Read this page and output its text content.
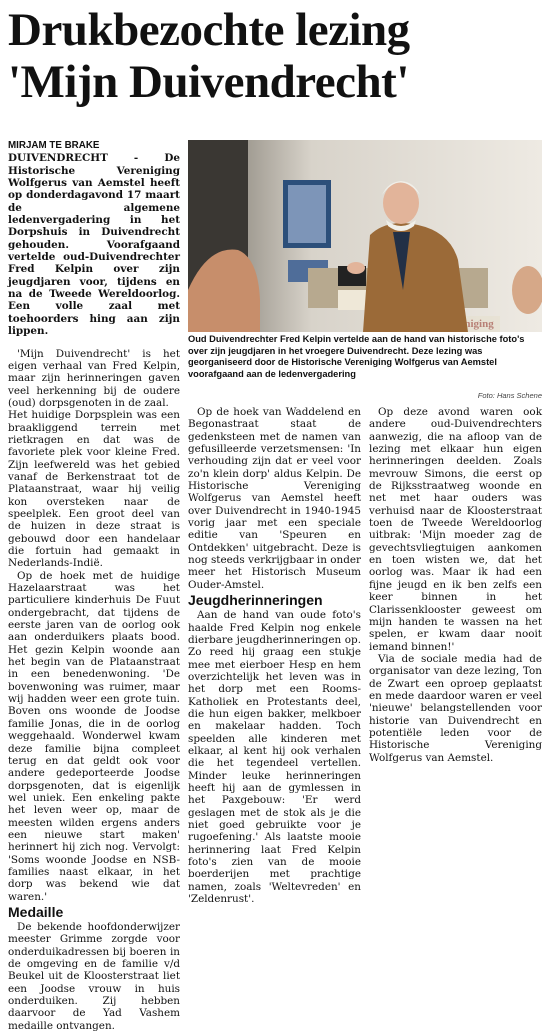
Drukbezochte lezing
'Mijn Duivendrecht'
MIRJAM TE BRAKE

DUIVENDRECHT - De Historische Vereniging Wolfgerus van Aemstel heeft op donderdagavond 17 maart de algemene ledenvergadering in het Dorpshuis in Duivendrecht gehouden. Voorafgaand vertelde oud-Duivendrechter Fred Kelpin over zijn jeugdjaren voor, tijdens en na de Tweede Wereldoorlog. Een volle zaal met toehoorders hing aan zijn lippen.

'Mijn Duivendrecht' is het eigen verhaal van Fred Kelpin, maar zijn herinneringen gaven veel herkenning bij de oudere (oud) dorpsgenoten in de zaal.

Het huidige Dorpsplein was een braakliggend terrein met rietkragen en dat was de favoriete plek voor kleine Fred. Zijn leefwereld was het gebied vanaf de Berkenstraat tot de Plataanstraat, waar hij veilig kon oversteken naar de speelplek. Een groot deel van de huizen in deze straat is gebouwd door een handelaar die fortuin had gemaakt in Nederlands-Indië.

Op de hoek met de huidige Hazelaarstraat was het particuliere kinderhuis De Fuut ondergebracht, dat tijdens de eerste jaren van de oorlog ook aan onderduikers plaats bood. Het gezin Kelpin woonde aan het begin van de Plataanstraat in een benedenwoning. 'De bovenwoning was ruimer, maar wij hadden weer een grote tuin. Boven ons woonde de Joodse familie Jonas, die in de oorlog weggehaald. Wonderwel kwam deze familie bijna compleet terug en dat geldt ook voor andere gedeporteerde Joodse dorpsgenoten, dat is eigenlijk wel uniek. Een enkeling pakte het leven weer op, maar de meesten wilden ergens anders een nieuwe start maken' herinnert hij zich nog. Vervolgt: 'Soms woonde Joodse en NSB-families naast elkaar, in het dorp was bekend wie dat waren.'

Medaille

De bekende hoofdonderwijzer meester Grimme zorgde voor onderduikadressen bij boeren in de omgeving en de familie v/d Beukel uit de Kloosterstraat liet een Joodse vrouw in huis onderduiken. Zij hebben daarvoor de Yad Vashem medaille ontvangen.

Oud Duivendrechter Fred Kelpin vertelde aan de hand van historische foto's over zijn jeugdjaren in het vroegere Duivendrecht. Deze lezing was georganiseerd door de Historische Vereniging Wolfgerus van Aemstel voorafgaand aan de ledenvergadering
Foto: Hans Schene

Op de hoek van Waddelend en Begonastraat staat de gedenksteen met de namen van gefusilleerde verzetsmensen: 'In verhouding zijn dat er veel voor zo'n klein dorp' aldus Kelpin. De Historische Vereniging Wolfgerus van Aemstel heeft over Duivendrecht in 1940-1945 vorig jaar met een speciale editie van 'Speuren en Ontdekken' uitgebracht. Deze is nog steeds verkrijgbaar in onder meer het Historisch Museum Ouder-Amstel.

Jeugdherinneringen

Aan de hand van oude foto's haalde Fred Kelpin nog enkele dierbare jeugdherinneringen op. Zo reed hij graag een stukje mee met eierboer Hesp en hem overzichtelijk het leven was in het dorp met een Rooms-Katholiek en Protestants deel, die hun eigen bakker, melkboer en makelaar hadden. Toch speelden alle kinderen met elkaar, al kent hij ook verhalen die het tegendeel vertellen. Minder leuke herinneringen heeft hij aan de gymlessen in het Paxgebouw: 'Er werd geslagen met de stok als je die niet goed gebruikte voor je rugoefening.' Als laatste mooie herinnering laat Fred Kelpin foto's zien van de mooie boerderijen met prachtige namen, zoals 'Weltevreden' en 'Zeldenrust'.

Op deze avond waren ook andere oud-Duivendrechters aanwezig, die na afloop van de lezing met elkaar hun eigen herinneringen deelden. Zoals mevrouw Simons, die eerst op de Rijksstraatweg woonde en net met haar ouders was verhuisd naar de Kloosterstraat toen de Tweede Wereldoorlog uitbrak: 'Mijn moeder zag de gevechtsvliegtuigen aankomen en toen wisten we, dat het oorlog was. Maar ik had een fijne jeugd en ik ben zelfs een keer binnen in het Clarissenklooster geweest om mijn handen te wassen na het spelen, er kwam daar nooit iemand binnen!'

Via de sociale media had de organisator van deze lezing, Ton de Zwart een oproep geplaatst en mede daardoor waren er veel 'nieuwe' belangstellenden voor historie van Duivendrecht en potentiële leden voor de Historische Vereniging Wolfgerus van Aemstel.
